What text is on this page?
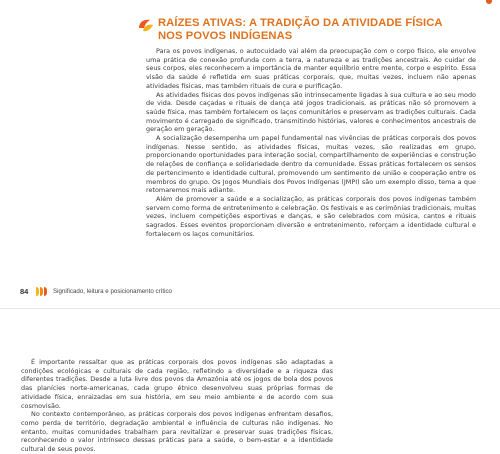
RAÍZES ATIVAS: A TRADIÇÃO DA ATIVIDADE FÍSICA
NOS POVOS INDÍGENAS

Para os povos indígenas, o autocuidado vai além da preocupação com o corpo físico, ele envolve uma prática de conexão profunda com a terra, a natureza e as tradições ancestrais. Ao cuidar de seus corpos, eles reconhecem a importância de manter equilíbrio entre mente, corpo e espírito. Essa visão da saúde é refletida em suas práticas corporais, que, muitas vezes, incluem não apenas atividades físicas, mas também rituais de cura e purificação.

As atividades físicas dos povos indígenas são intrinsecamente ligadas à sua cultura e ao seu modo de vida. Desde caçadas e rituais de dança até jogos tradicionais, as práticas não só promovem a saúde física, mas também fortalecem os laços comunitários e preservam as tradições culturais. Cada movimento é carregado de significado, transmitindo histórias, valores e conhecimentos ancestrais de geração em geração.

A socialização desempenha um papel fundamental nas vivências de práticas corporais dos povos indígenas. Nesse sentido, as atividades físicas, muitas vezes, são realizadas em grupo, proporcionando oportunidades para interação social, compartilhamento de experiências e construção de relações de confiança e solidariedade dentro da comunidade. Essas práticas fortalecem os sensos de pertencimento e identidade cultural, promovendo um sentimento de união e cooperação entre os membros do grupo. Os Jogos Mundiais dos Povos Indígenas (JMPI) são um exemplo disso, tema a que retomaremos mais adiante.

Além de promover a saúde e a socialização, as práticas corporais dos povos indígenas também servem como forma de entretenimento e celebração. Os festivais e as cerimônias tradicionais, muitas vezes, incluem competições esportivas e danças, e são celebrados com música, cantos e rituais sagrados. Esses eventos proporcionam diversão e entretenimento, reforçam a identidade cultural e fortalecem os laços comunitários.

84	Significado, leitura e posicionamento crítico

É importante ressaltar que as práticas corporais dos povos indígenas são adaptadas a condições ecológicas e culturais de cada região, refletindo a diversidade e a riqueza das diferentes tradições. Desde a luta livre dos povos da Amazônia até os jogos de bola dos povos das planícies norte-americanas, cada grupo étnico desenvolveu suas próprias formas de atividade física, enraizadas em sua história, em seu meio ambiente e de acordo com sua cosmovisão.

No contexto contemporâneo, as práticas corporais dos povos indígenas enfrentam desafios, como perda de território, degradação ambiental e influência de culturas não indígenas. No entanto, muitas comunidades trabalham para revitalizar e preservar suas tradições físicas, reconhecendo o valor intrínseco dessas práticas para a saúde, o bem-estar e a identidade cultural de seus povos.
